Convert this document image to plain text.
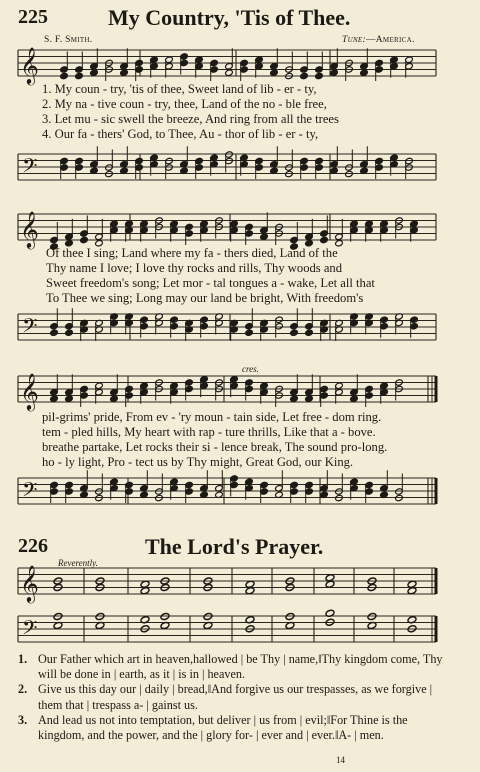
𝄞
𝄢
𝄞
𝄢
𝄞
𝄢
𝄞
𝄢
225	My Country, 'Tis of Thee.
S. F. Smith.	Tune:—America.
1. My coun - try, 'tis of thee, Sweet land of lib - er - ty,
2. My na - tive coun - try, thee, Land of the no - ble free,
3. Let mu - sic swell the breeze, And ring from all the trees
4. Our fa - thers' God, to Thee, Au - thor of lib - er - ty,
Of thee I sing; Land where my fa - thers died, Land of the
Thy name I love; I love thy rocks and rills, Thy woods and
Sweet freedom's song; Let mor - tal tongues a - wake, Let all that
To Thee we sing; Long may our land be bright, With freedom's
cres.
pil-grims' pride, From ev - 'ry moun - tain side, Let free - dom ring.
tem - pled hills, My heart with rap - ture thrills, Like that a - bove.
breathe partake, Let rocks their si - lence break, The sound pro-long.
ho - ly light, Pro - tect us by Thy might, Great God, our King.
226	The Lord's Prayer.
Reverently.
1. Our Father which art in heaven,hallowed | be Thy | name,‖Thy kingdom come, Thy will be done in | earth, as it | is in | heaven.
2. Give us this day our | daily | bread,‖And forgive us our trespasses, as we forgive | them that | trespass a- | gainst us.
3. And lead us not into temptation, but deliver | us from | evil;‖For Thine is the kingdom, and the power, and the | glory for- | ever and | ever.‖A- | men.
14
